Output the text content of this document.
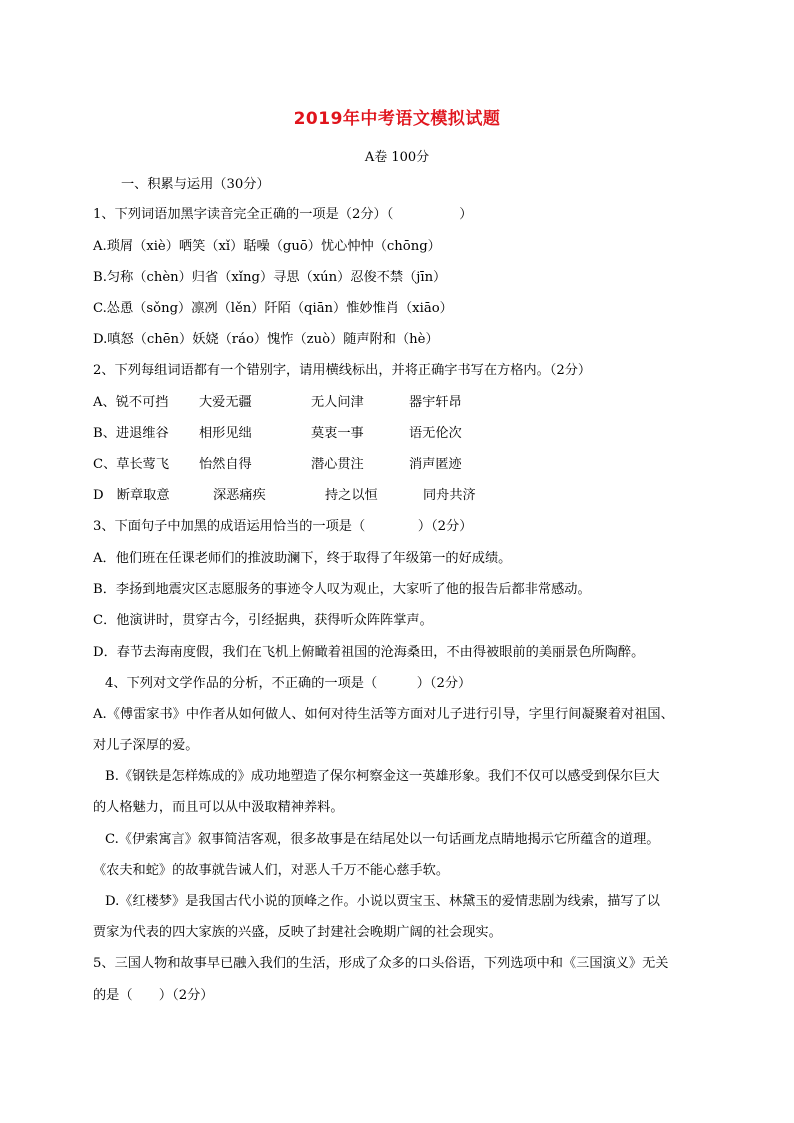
2019年中考语文模拟试题
A卷 100分
一、积累与运用（30分）
1、下列词语加黑字读音完全正确的一项是（2分）（　　　　　）
A.琐屑（xiè）哂笑（xǐ）聒噪（guō）忧心忡忡（chōng）
B.匀称（chèn）归省（xǐng）寻思（xún）忍俊不禁（jīn）
C.怂恿（sǒng）凛冽（lěn）阡陌（qiān）惟妙惟肖（xiāo）
D.嗔怒（chēn）妖娆（ráo）愧怍（zuò）随声附和（hè）
2、下列每组词语都有一个错别字，请用横线标出，并将正确字书写在方格内。（2分）
A、锐不可挡 大爱无疆	无人问津	器宇轩昂
B、进退维谷 相形见绌	莫衷一事	语无伦次
C、草长莺飞 怡然自得	潜心贯注	消声匿迹
D　断章取意	深恶痛疾	持之以恒	同舟共济
3、下面句子中加黑的成语运用恰当的一项是（　　　　）（2分）
A．他们班在任课老师们的推波助澜下，终于取得了年级第一的好成绩。
B．李扬到地震灾区志愿服务的事迹令人叹为观止，大家听了他的报告后都非常感动。
C．他演讲时，贯穿古今，引经据典，获得听众阵阵掌声。
D．春节去海南度假，我们在飞机上俯瞰着祖国的沧海桑田，不由得被眼前的美丽景色所陶醉。
4、下列对文学作品的分析，不正确的一项是（　　　）（2分）
A.《傅雷家书》中作者从如何做人、如何对待生活等方面对儿子进行引导，字里行间凝聚着对祖国、
对儿子深厚的爱。
B.《钢铁是怎样炼成的》成功地塑造了保尔柯察金这一英雄形象。我们不仅可以感受到保尔巨大
的人格魅力，而且可以从中汲取精神养料。
C.《伊索寓言》叙事简洁客观，很多故事是在结尾处以一句话画龙点睛地揭示它所蕴含的道理。
《农夫和蛇》的故事就告诫人们，对恶人千万不能心慈手软。
D.《红楼梦》是我国古代小说的顶峰之作。小说以贾宝玉、林黛玉的爱情悲剧为线索，描写了以
贾家为代表的四大家族的兴盛，反映了封建社会晚期广阔的社会现实。
5、三国人物和故事早已融入我们的生活，形成了众多的口头俗语，下列选项中和《三国演义》无关
的是（　　）（2分）
